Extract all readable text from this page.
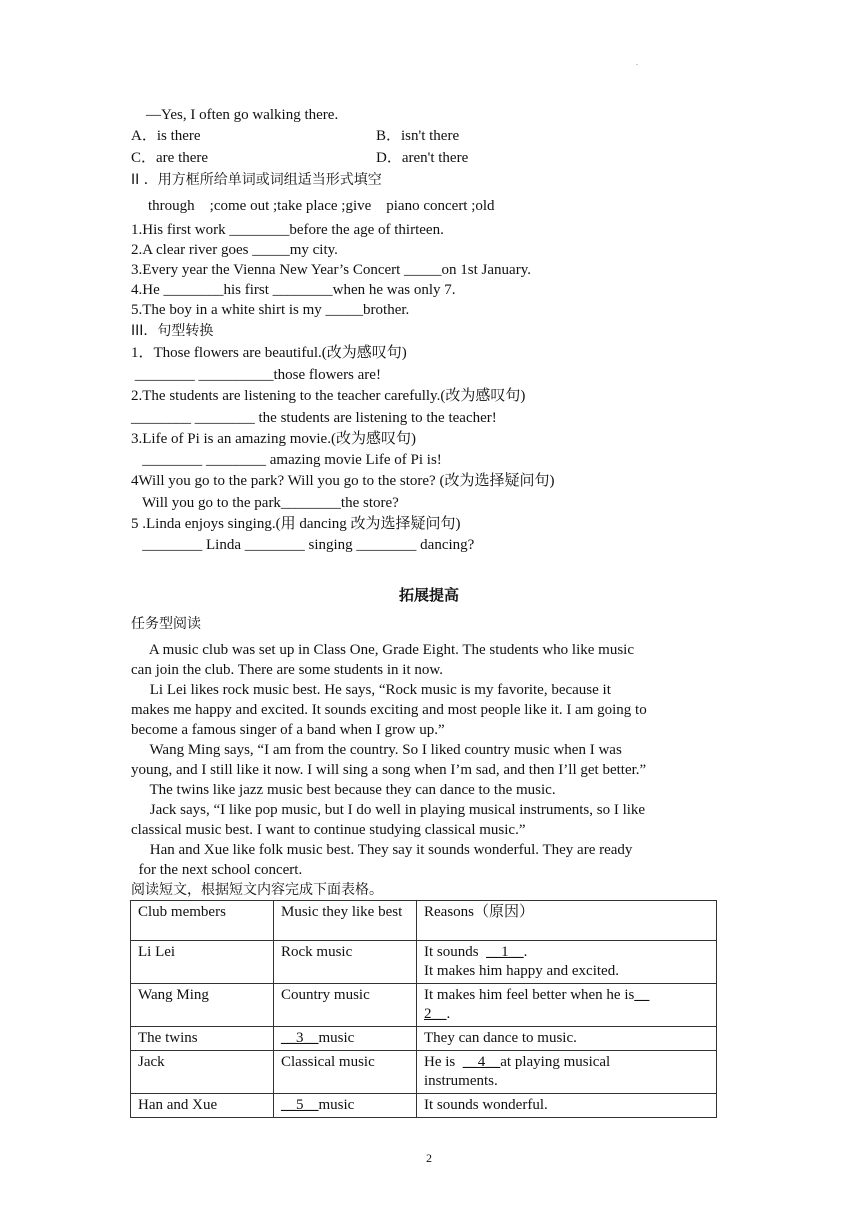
.
—Yes, I often go walking there.
A．is there	B．isn't there
C．are there	D．aren't there
II ．用方框所给单词或词组适当形式填空
through    ;come out ;take place ;give    piano concert ;old
1.His first work ________before the age of thirteen.
2.A clear river goes _____my city.
3.Every year the Vienna New Year’s Concert _____on 1st January.
4.He ________his first ________when he was only 7.
5.The boy in a white shirt is my _____brother.
III．句型转换
1．Those flowers are beautiful.(改为感叹句)
________ __________those flowers are!
2.The students are listening to the teacher carefully.(改为感叹句)
________ ________ the students are listening to the teacher!
3.Life of Pi is an amazing movie.(改为感叹句)
________ ________ amazing movie Life of Pi is!
4Will you go to the park? Will you go to the store? (改为选择疑问句)
Will you go to the park________the store?
5 .Linda enjoys singing.(用 dancing 改为选择疑问句)
________ Linda ________ singing ________ dancing?
拓展提高
任务型阅读
A music club was set up in Class One, Grade Eight. The students who like music
can join the club. There are some students in it now.
Li Lei likes rock music best. He says, “Rock music is my favorite, because it
makes me happy and excited. It sounds exciting and most people like it. I am going to
become a famous singer of a band when I grow up.”
Wang Ming says, “I am from the country. So I liked country music when I was
young, and I still like it now. I will sing a song when I’m sad, and then I’ll get better.”
The twins like jazz music best because they can dance to the music.
Jack says, “I like pop music, but I do well in playing musical instruments, so I like
classical music best. I want to continue studying classical music.”
Han and Xue like folk music best. They say it sounds wonderful. They are ready
for the next school concert.
阅读短文，根据短文内容完成下面表格。
Club members	Music they like best	Reasons（原因）
Li Lei	Rock music	It sounds  __1__.
It makes him happy and excited.
Wang Ming	Country music	It makes him feel better when he is__
2__.
The twins	__3__music	They can dance to music.
Jack	Classical music	He is  __4__at playing musical
instruments.
Han and Xue	__5__music	It sounds wonderful.
2
